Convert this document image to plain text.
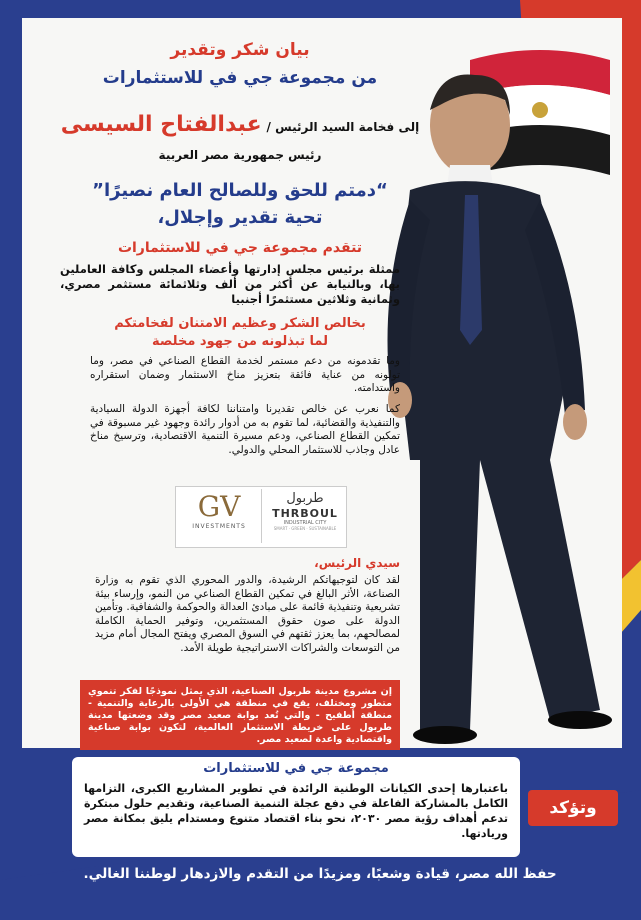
بيان شكر وتقدير
من مجموعة جي في للاستثمارات
إلى فخامة السيد الرئيس / عبدالفتاح السيسى
رئيس جمهورية مصر العربية
“دمتم للحق وللصالح العام نصيرًا”
تحية تقدير وإجلال،
تتقدم مجموعة جي في للاستثمارات
ممثلة برئيس مجلس إدارتها وأعضاء المجلس وكافة العاملين بها، وبالنيابة عن أكثر من ألف وثلاثمائة مستثمر مصري، وثمانية وثلاثين مستثمرًا أجنبيا
بخالص الشكر وعظيم الامتنان لفخامتكم
لما تبذلونه من جهود مخلصة
وما تقدمونه من دعم مستمر لخدمة القطاع الصناعي في مصر، وما تولونه من عناية فائقة بتعزيز مناخ الاستثمار وضمان استقراره واستدامته.
كما نعرب عن خالص تقديرنا وامتناننا لكافة أجهزة الدولة السيادية والتنفيذية والقضائية، لما تقوم به من أدوار رائدة وجهود غير مسبوقة في تمكين القطاع الصناعي، ودعم مسيرة التنمية الاقتصادية، وترسيخ مناخ عادل وجاذب للاستثمار المحلي والدولي.
GV
INVESTMENTS
طربول
THRBOUL
INDUSTRIAL CITY
SMART · GREEN · SUSTAINABLE
سيدي الرئيس،
لقد كان لتوجيهاتكم الرشيدة، والدور المحوري الذي تقوم به وزارة الصناعة، الأثر البالغ في تمكين القطاع الصناعي من النمو، وإرساء بيئة تشريعية وتنفيذية قائمة على مبادئ العدالة والحوكمة والشفافية. وتأمين الدولة على صون حقوق المستثمرين، وتوفير الحماية الكاملة لمصالحهم، بما يعزز ثقتهم في السوق المصري ويفتح المجال أمام مزيد من التوسعات والشراكات الاستراتيجية طويلة الأمد.
إن مشروع مدينة طربول الصناعية، الذي يمثل نموذجًا لفكر تنموي متطور ومختلف، يقع في منطقة هي الأولى بالرعاية والتنمية - منطقة أطفيح - والتي تُعد بوابة صعيد مصر وقد وضعتها مدينة طربول على خريطة الاستثمار العالمية، لتكون بوابة صناعية واقتصادية واعدة لصعيد مصر.
مجموعة جي في للاستثمارات
باعتبارها إحدى الكيانات الوطنية الرائدة في تطوير المشاريع الكبرى، التزامها الكامل بالمشاركة الفاعلة في دفع عجلة التنمية الصناعية، وتقديم حلول مبتكرة تدعم أهداف رؤية مصر ٢٠٣٠، نحو بناء اقتصاد متنوع ومستدام يليق بمكانة مصر وريادتها.
وتؤكد
حفظ الله مصر، قيادة وشعبًا، ومزيدًا من التقدم والازدهار لوطننا الغالي.
